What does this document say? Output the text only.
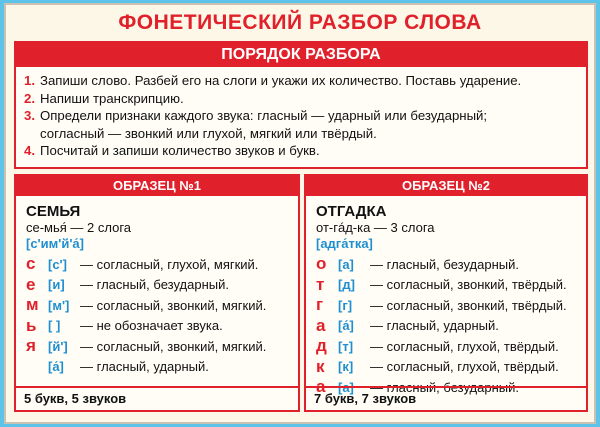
ФОНЕТИЧЕСКИЙ РАЗБОР СЛОВА
ПОРЯДОК РАЗБОРА
1. Запиши слово. Разбей его на слоги и укажи их количество. Поставь ударение.
2. Напиши транскрипцию.
3. Определи признаки каждого звука: гласный — ударный или безударный;
согласный — звонкий или глухой, мягкий или твёрдый.
4. Посчитай и запиши количество звуков и букв.
ОБРАЗЕЦ №1
СЕМЬЯ
се-мья́ — 2 слога
[с'им'й'а́]
с [с']	— согласный, глухой, мягкий.
е [и]	— гласный, безударный.
м [м'] — согласный, звонкий, мягкий.
ь [ ]	— не обозначает звука.
я [й'] — согласный, звонкий, мягкий.
[а́]	— гласный, ударный.
5 букв, 5 звуков
ОБРАЗЕЦ №2
ОТГАДКА
от-гáд-ка — 3 слога
[адга́тка]
о [а]	— гласный, безударный.
т	[д]	— согласный, звонкий, твёрдый.
г	[г]	— согласный, звонкий, твёрдый.
а [а́]	— гласный, ударный.
д [т]	— согласный, глухой, твёрдый.
к	[к]	— согласный, глухой, твёрдый.
а [а]	— гласный, безударный.
7 букв, 7 звуков
